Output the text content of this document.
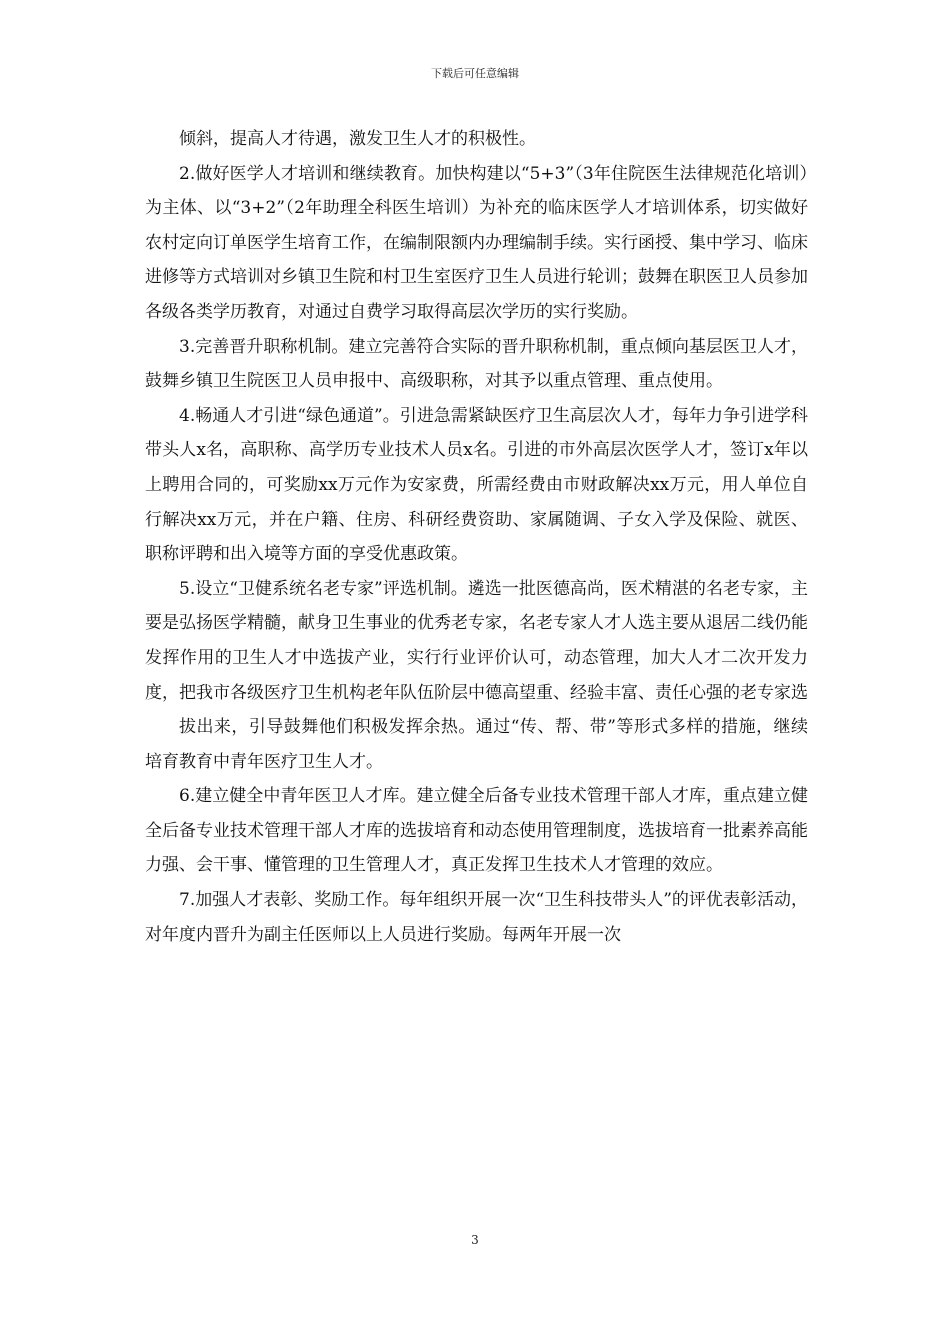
下载后可任意编辑

倾斜，提高人才待遇，激发卫生人才的积极性。

2.做好医学人才培训和继续教育。加快构建以“5+3”（3年住院医生法律规范化培训）为主体、以“3+2”（2年助理全科医生培训）为补充的临床医学人才培训体系，切实做好农村定向订单医学生培育工作，在编制限额内办理编制手续。实行函授、集中学习、临床进修等方式培训对乡镇卫生院和村卫生室医疗卫生人员进行轮训；鼓舞在职医卫人员参加各级各类学历教育，对通过自费学习取得高层次学历的实行奖励。

3.完善晋升职称机制。建立完善符合实际的晋升职称机制，重点倾向基层医卫人才，鼓舞乡镇卫生院医卫人员申报中、高级职称，对其予以重点管理、重点使用。

4.畅通人才引进“绿色通道”。引进急需紧缺医疗卫生高层次人才，每年力争引进学科带头人x名，高职称、高学历专业技术人员x名。引进的市外高层次医学人才，签订x年以上聘用合同的，可奖励xx万元作为安家费，所需经费由市财政解决xx万元，用人单位自行解决xx万元，并在户籍、住房、科研经费资助、家属随调、子女入学及保险、就医、职称评聘和出入境等方面的享受优惠政策。

5.设立“卫健系统名老专家”评选机制。遴选一批医德高尚，医术精湛的名老专家，主要是弘扬医学精髓，献身卫生事业的优秀老专家，名老专家人才人选主要从退居二线仍能发挥作用的卫生人才中选拔产业，实行行业评价认可，动态管理，加大人才二次开发力度，把我市各级医疗卫生机构老年队伍阶层中德高望重、经验丰富、责任心强的老专家选

拔出来，引导鼓舞他们积极发挥余热。通过“传、帮、带”等形式多样的措施，继续培育教育中青年医疗卫生人才。

6.建立健全中青年医卫人才库。建立健全后备专业技术管理干部人才库，重点建立健全后备专业技术管理干部人才库的选拔培育和动态使用管理制度，选拔培育一批素养高能力强、会干事、懂管理的卫生管理人才，真正发挥卫生技术人才管理的效应。

7.加强人才表彰、奖励工作。每年组织开展一次“卫生科技带头人”的评优表彰活动，对年度内晋升为副主任医师以上人员进行奖励。每两年开展一次

3
